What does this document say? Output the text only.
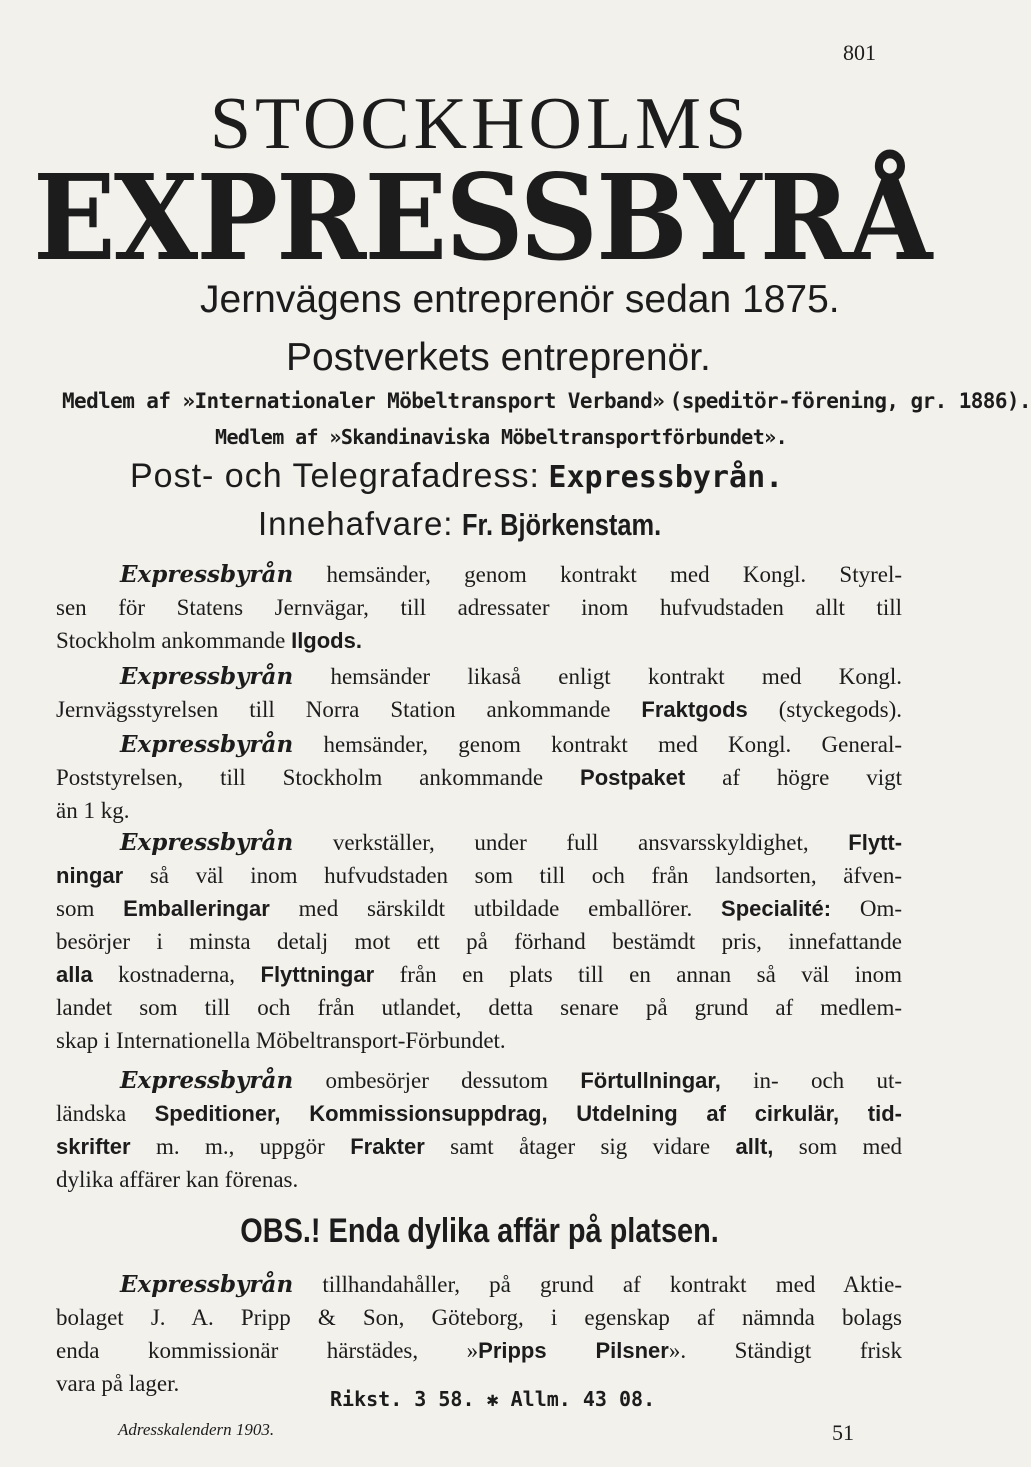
801
STOCKHOLMS
EXPRESSBYRÅ
Jernvägens entreprenör sedan 1875.
Postverkets entreprenör.
Medlem af »Internationaler Möbeltransport Verband» (speditör-förening, gr. 1886).
Medlem af »Skandinaviska Möbeltransportförbundet».
Post- och Telegrafadress: Expressbyrån.
Innehafvare: Fr. Björkenstam.
Expressbyrån hemsänder, genom kontrakt med Kongl. Styrel-
sen för Statens Jernvägar, till adressater inom hufvudstaden allt till
Stockholm ankommande Ilgods.
Expressbyrån hemsänder likaså enligt kontrakt med Kongl.
Jernvägsstyrelsen till Norra Station ankommande Fraktgods (styckegods).
Expressbyrån hemsänder, genom kontrakt med Kongl. General-
Poststyrelsen, till Stockholm ankommande Postpaket af högre vigt
än 1 kg.
Expressbyrån verkställer, under full ansvarsskyldighet, Flytt-
ningar så väl inom hufvudstaden som till och från landsorten, äfven-
som Emballeringar med särskildt utbildade emballörer. Specialité: Om-
besörjer i minsta detalj mot ett på förhand bestämdt pris, innefattande
alla kostnaderna, Flyttningar från en plats till en annan så väl inom
landet som till och från utlandet, detta senare på grund af medlem-
skap i Internationella Möbeltransport-Förbundet.
Expressbyrån ombesörjer dessutom Förtullningar, in- och ut-
ländska Speditioner, Kommissionsuppdrag, Utdelning af cirkulär, tid-
skrifter m. m., uppgör Frakter samt åtager sig vidare allt, som med
dylika affärer kan förenas.
OBS.! Enda dylika affär på platsen.
Expressbyrån tillhandahåller, på grund af kontrakt med Aktie-
bolaget J. A. Pripp & Son, Göteborg, i egenskap af nämnda bolags
enda kommissionär härstädes, »Pripps Pilsner». Ständigt frisk
vara på lager.
Rikst. 3 58. ✱ Allm. 43 08.
Adresskalendern 1903.	51
